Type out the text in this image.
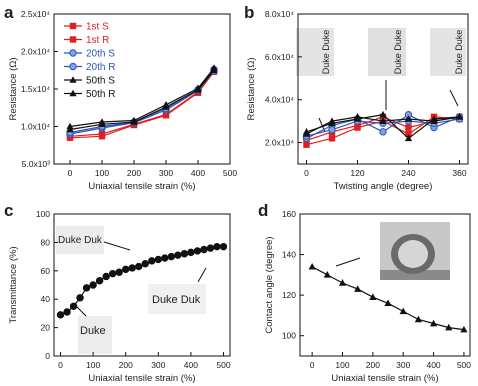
a	b
c	d
Duke Duke	Duke Duke	Duke Duke
Duke Duk
Duke Duk
Duke
0	100 200 300 400 500
5.0x10³
1.0x10⁴
1.5x10⁴
2.0x10⁴
2.5x10⁴
Uniaxial tensile strain (%)
Resistance (Ω)
1st S
1st R
20th S
20th R
50th S
50th R
0	120	240	360
2.0x10⁴
4.0x10⁴
6.0x10⁴
8.0x10⁴
Twisting angle (degree)
Resistance (Ω)
0	100 200 300 400 500
0
20
40
60
80
100
Uniaxial tensile strain (%)
Transmittance (%)
0 100 200 300 400 500
100
120
140
160
Uniaxial tensile strain (%)
Contact angle (degree)
